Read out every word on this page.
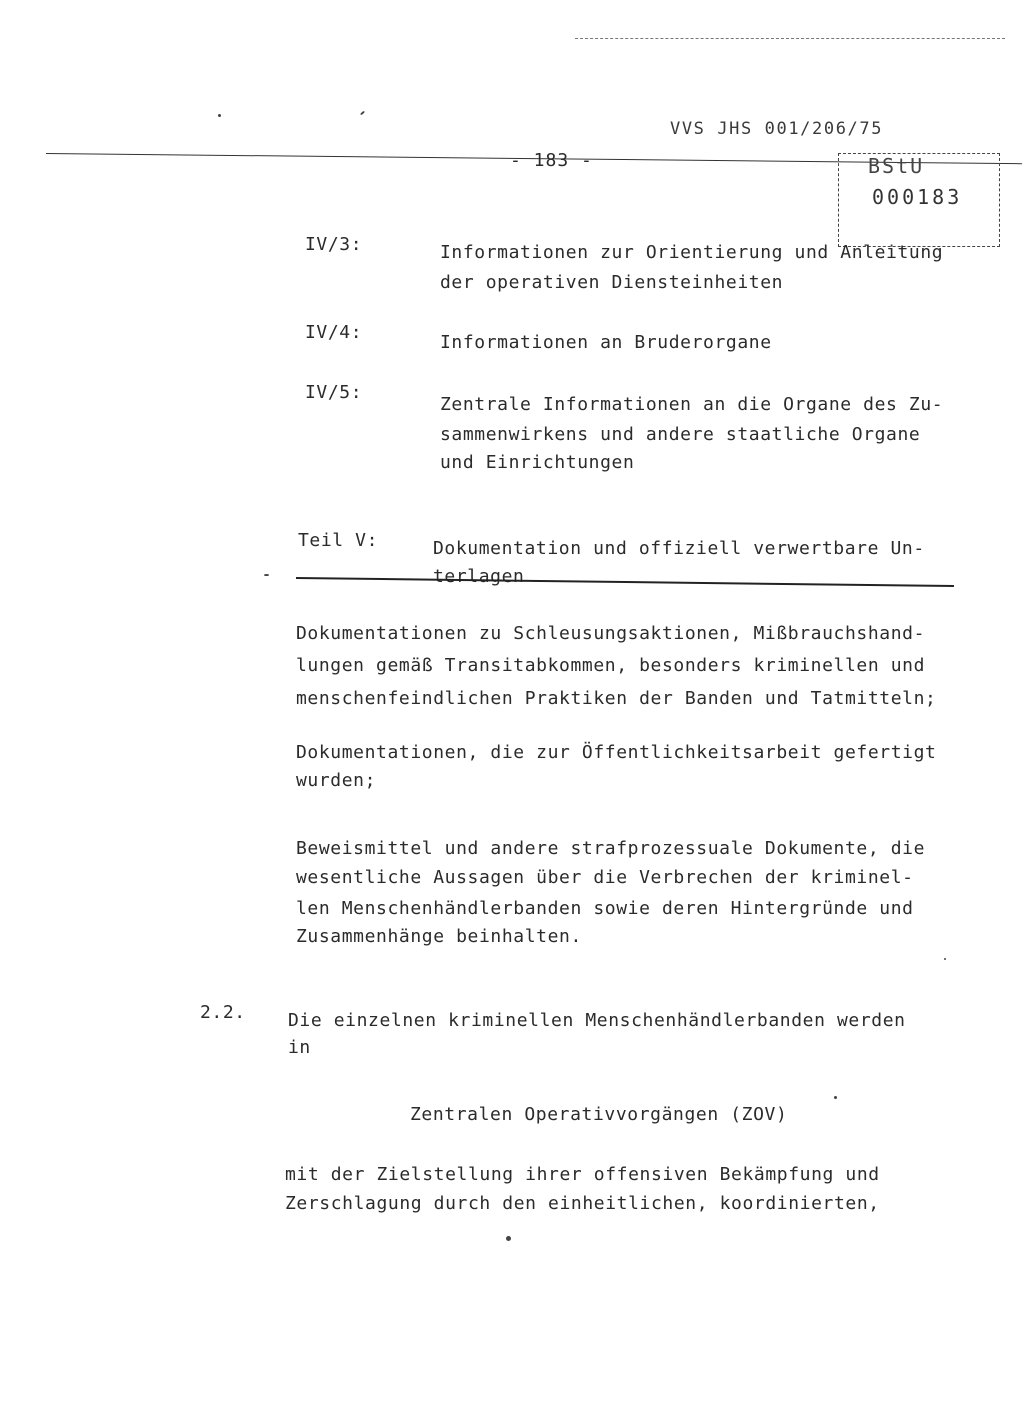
VVS JHS 001/206/75
- 183 -	BStU
000183
IV/3:	Informationen zur Orientierung und Anleitung
der operativen Diensteinheiten
IV/4:	Informationen an Bruderorgane
IV/5:
Zentrale Informationen an die Organe des Zu-
sammenwirkens und andere staatliche Organe
und Einrichtungen
Teil V:	Dokumentation und offiziell verwertbare Un-
terlagen
Dokumentationen zu Schleusungsaktionen, Mißbrauchshand-
lungen gemäß Transitabkommen, besonders kriminellen und
menschenfeindlichen Praktiken der Banden und Tatmitteln;
Dokumentationen, die zur Öffentlichkeitsarbeit gefertigt
wurden;
Beweismittel und andere strafprozessuale Dokumente, die
wesentliche Aussagen über die Verbrechen der kriminel-
len Menschenhändlerbanden sowie deren Hintergründe und
Zusammenhänge beinhalten.
2.2. Die einzelnen kriminellen Menschenhändlerbanden werden
in
Zentralen Operativvorgängen (ZOV)
mit der Zielstellung ihrer offensiven Bekämpfung und
Zerschlagung durch den einheitlichen, koordinierten,
